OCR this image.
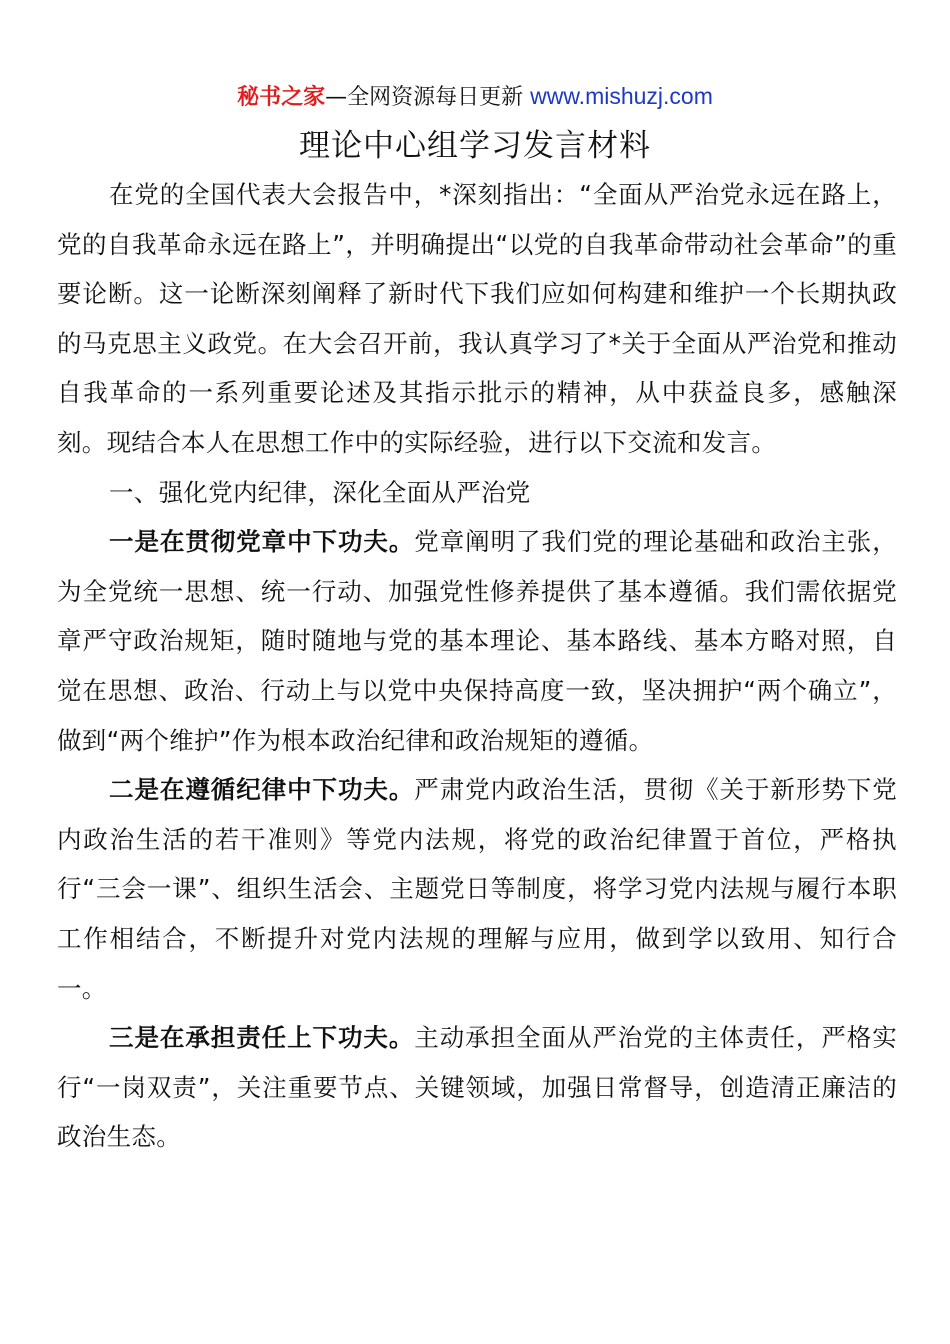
秘书之家—全网资源每日更新 www.mishuzj.com
理论中心组学习发言材料

在党的全国代表大会报告中，*深刻指出：“全面从严治党永远在路上，党的自我革命永远在路上”，并明确提出“以党的自我革命带动社会革命”的重要论断。这一论断深刻阐释了新时代下我们应如何构建和维护一个长期执政的马克思主义政党。在大会召开前，我认真学习了*关于全面从严治党和推动自我革命的一系列重要论述及其指示批示的精神，从中获益良多，感触深刻。现结合本人在思想工作中的实际经验，进行以下交流和发言。

一、强化党内纪律，深化全面从严治党

一是在贯彻党章中下功夫。党章阐明了我们党的理论基础和政治主张，为全党统一思想、统一行动、加强党性修养提供了基本遵循。我们需依据党章严守政治规矩，随时随地与党的基本理论、基本路线、基本方略对照，自觉在思想、政治、行动上与以党中央保持高度一致，坚决拥护“两个确立”，做到“两个维护”作为根本政治纪律和政治规矩的遵循。

二是在遵循纪律中下功夫。严肃党内政治生活，贯彻《关于新形势下党内政治生活的若干准则》等党内法规，将党的政治纪律置于首位，严格执行“三会一课”、组织生活会、主题党日等制度，将学习党内法规与履行本职工作相结合，不断提升对党内法规的理解与应用，做到学以致用、知行合一。

三是在承担责任上下功夫。主动承担全面从严治党的主体责任，严格实行“一岗双责”，关注重要节点、关键领域，加强日常督导，创造清正廉洁的政治生态。
